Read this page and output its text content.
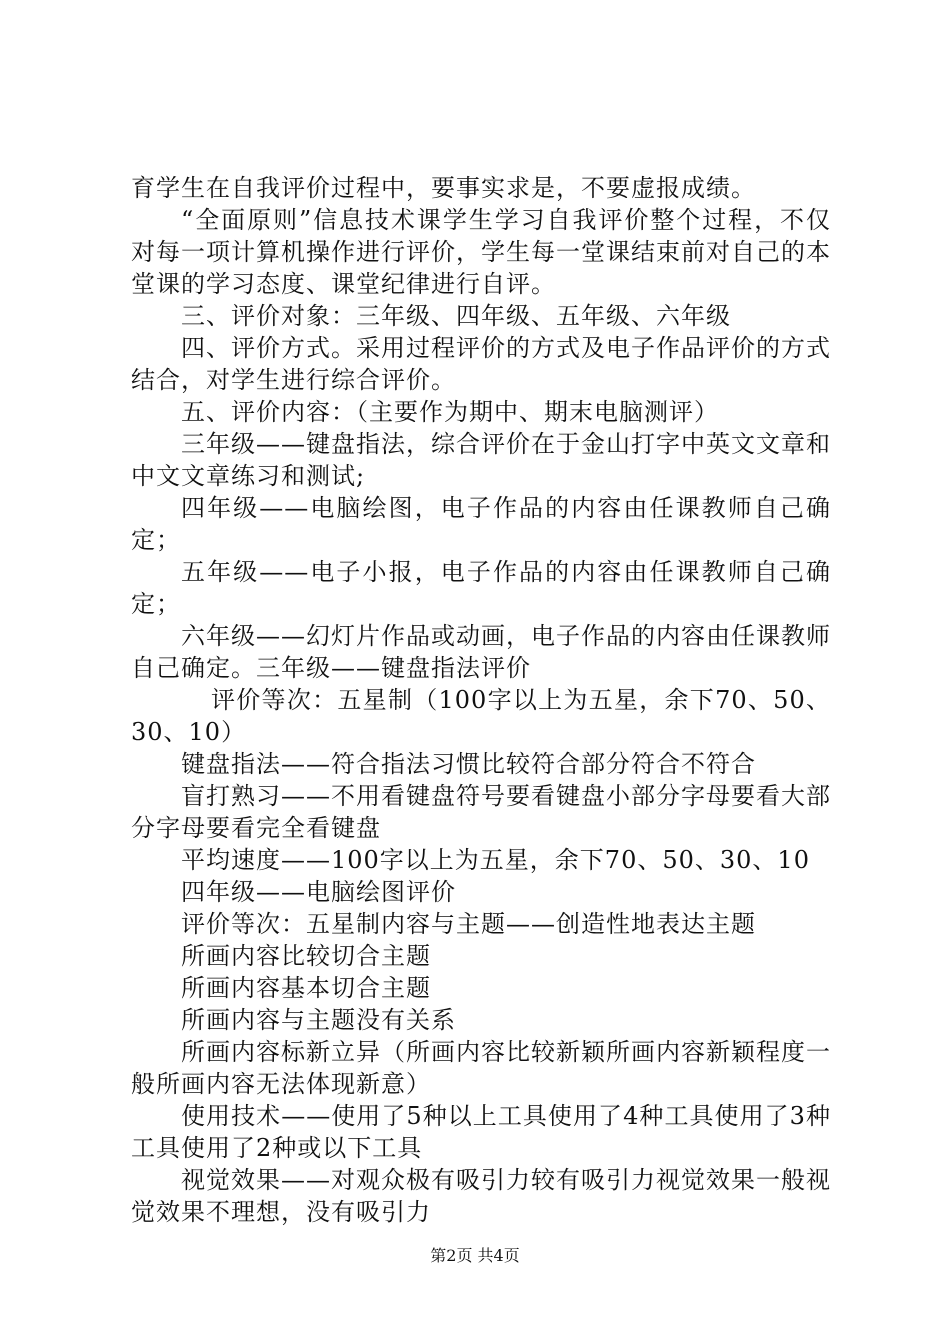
育学生在自我评价过程中，要事实求是，不要虚报成绩。

“全面原则”信息技术课学生学习自我评价整个过程，不仅对每一项计算机操作进行评价，学生每一堂课结束前对自己的本堂课的学习态度、课堂纪律进行自评。

三、评价对象：三年级、四年级、五年级、六年级

四、评价方式。采用过程评价的方式及电子作品评价的方式结合，对学生进行综合评价。

五、评价内容：（主要作为期中、期末电脑测评）

三年级——键盘指法，综合评价在于金山打字中英文文章和中文文章练习和测试;

四年级——电脑绘图，电子作品的内容由任课教师自己确定；

五年级——电子小报，电子作品的内容由任课教师自己确定；

六年级——幻灯片作品或动画，电子作品的内容由任课教师自己确定。三年级——键盘指法评价

评价等次：五星制（100字以上为五星，余下70、50、30、10）

键盘指法——符合指法习惯比较符合部分符合不符合

盲打熟习——不用看键盘符号要看键盘小部分字母要看大部分字母要看完全看键盘

平均速度——100字以上为五星，余下70、50、30、10

四年级——电脑绘图评价

评价等次：五星制内容与主题——创造性地表达主题

所画内容比较切合主题

所画内容基本切合主题

所画内容与主题没有关系

所画内容标新立异（所画内容比较新颖所画内容新颖程度一般所画内容无法体现新意）

使用技术——使用了5种以上工具使用了4种工具使用了3种工具使用了2种或以下工具

视觉效果——对观众极有吸引力较有吸引力视觉效果一般视觉效果不理想，没有吸引力

第2页 共4页
